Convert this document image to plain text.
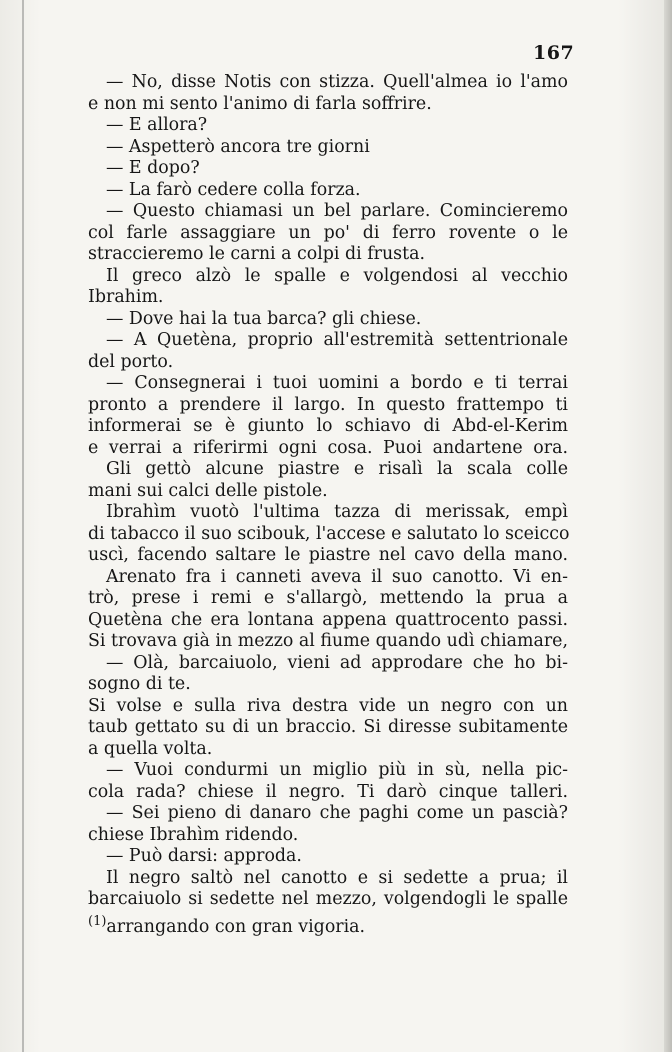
167
— No, disse Notis con stizza. Quell'almea io l'amo
e non mi sento l'animo di farla soffrire.
— E allora?
— Aspetterò ancora tre giorni
— E dopo?
— La farò cedere colla forza.
— Questo chiamasi un bel parlare. Comincieremo
col farle assaggiare un po' di ferro rovente o le
straccieremo le carni a colpi di frusta.
Il greco alzò le spalle e volgendosi al vecchio
Ibrahim.
— Dove hai la tua barca? gli chiese.
— A Quetèna, proprio all'estremità settentrionale
del porto.
— Consegnerai i tuoi uomini a bordo e ti terrai
pronto a prendere il largo. In questo frattempo ti
informerai se è giunto lo schiavo di Abd-el-Kerim
e verrai a riferirmi ogni cosa. Puoi andartene ora.
Gli gettò alcune piastre e risalì la scala colle
mani sui calci delle pistole.
Ibrahìm vuotò l'ultima tazza di merissak, empì
di tabacco il suo scibouk, l'accese e salutato lo sceicco
uscì, facendo saltare le piastre nel cavo della mano.
Arenato fra i canneti aveva il suo canotto. Vi en-
trò, prese i remi e s'allargò, mettendo la prua a
Quetèna che era lontana appena quattrocento passi.
Si trovava già in mezzo al fiume quando udì chiamare,
— Olà, barcaiuolo, vieni ad approdare che ho bi-
sogno di te.
Si volse e sulla riva destra vide un negro con un
taub gettato su di un braccio. Si diresse subitamente
a quella volta.
— Vuoi condurmi un miglio più in sù, nella pic-
cola rada? chiese il negro. Ti darò cinque talleri.
— Sei pieno di danaro che paghi come un pascià?
chiese Ibrahìm ridendo.
— Può darsi: approda.
Il negro saltò nel canotto e si sedette a prua; il
barcaiuolo si sedette nel mezzo, volgendogli le spalle
$^{(1)}$arrangando con gran vigoria.
